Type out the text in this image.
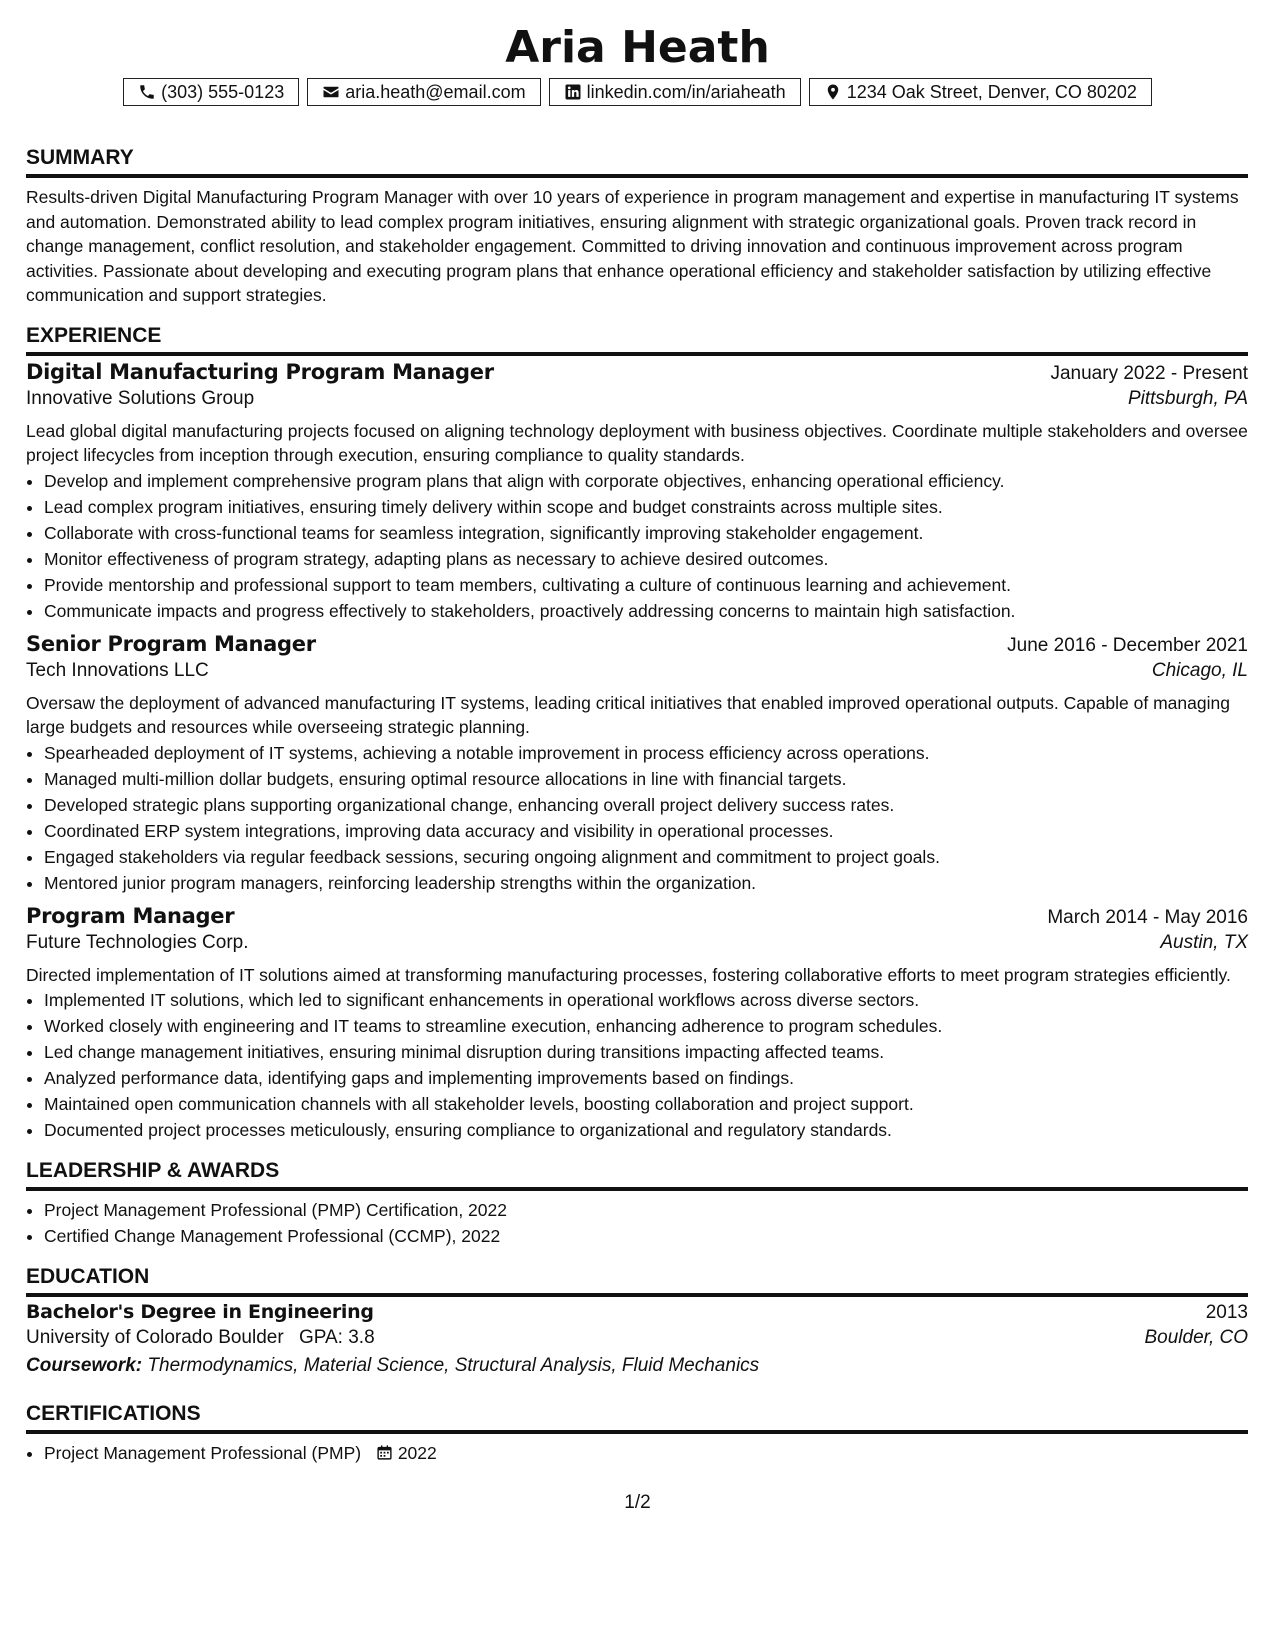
Aria Heath
(303) 555-0123	aria.heath@email.com	linkedin.com/in/ariaheath	1234 Oak Street, Denver, CO 80202
SUMMARY

Results-driven Digital Manufacturing Program Manager with over 10 years of experience in program management and expertise in manufacturing IT systems and automation. Demonstrated ability to lead complex program initiatives, ensuring alignment with strategic organizational goals. Proven track record in change management, conflict resolution, and stakeholder engagement. Committed to driving innovation and continuous improvement across program activities. Passionate about developing and executing program plans that enhance operational efficiency and stakeholder satisfaction by utilizing effective communication and support strategies.

EXPERIENCE
Digital Manufacturing Program Manager	January 2022 - Present
Innovative Solutions Group	Pittsburgh, PA

Lead global digital manufacturing projects focused on aligning technology deployment with business objectives. Coordinate multiple stakeholders and oversee project lifecycles from inception through execution, ensuring compliance to quality standards.

• Develop and implement comprehensive program plans that align with corporate objectives, enhancing operational efficiency.
• Lead complex program initiatives, ensuring timely delivery within scope and budget constraints across multiple sites.
• Collaborate with cross-functional teams for seamless integration, significantly improving stakeholder engagement.
• Monitor effectiveness of program strategy, adapting plans as necessary to achieve desired outcomes.
• Provide mentorship and professional support to team members, cultivating a culture of continuous learning and achievement.
• Communicate impacts and progress effectively to stakeholders, proactively addressing concerns to maintain high satisfaction.
Senior Program Manager	June 2016 - December 2021
Tech Innovations LLC	Chicago, IL

Oversaw the deployment of advanced manufacturing IT systems, leading critical initiatives that enabled improved operational outputs. Capable of managing large budgets and resources while overseeing strategic planning.

• Spearheaded deployment of IT systems, achieving a notable improvement in process efficiency across operations.
• Managed multi-million dollar budgets, ensuring optimal resource allocations in line with financial targets.
• Developed strategic plans supporting organizational change, enhancing overall project delivery success rates.
• Coordinated ERP system integrations, improving data accuracy and visibility in operational processes.
• Engaged stakeholders via regular feedback sessions, securing ongoing alignment and commitment to project goals.
• Mentored junior program managers, reinforcing leadership strengths within the organization.
Program Manager	March 2014 - May 2016
Future Technologies Corp.	Austin, TX

Directed implementation of IT solutions aimed at transforming manufacturing processes, fostering collaborative efforts to meet program strategies efficiently.

• Implemented IT solutions, which led to significant enhancements in operational workflows across diverse sectors.
• Worked closely with engineering and IT teams to streamline execution, enhancing adherence to program schedules.
• Led change management initiatives, ensuring minimal disruption during transitions impacting affected teams.
• Analyzed performance data, identifying gaps and implementing improvements based on findings.
• Maintained open communication channels with all stakeholder levels, boosting collaboration and project support.
• Documented project processes meticulously, ensuring compliance to organizational and regulatory standards.
LEADERSHIP & AWARDS
• Project Management Professional (PMP) Certification, 2022
• Certified Change Management Professional (CCMP), 2022
EDUCATION
Bachelor's Degree in Engineering	2013
University of Colorado Boulder GPA: 3.8	Boulder, CO
Coursework: Thermodynamics, Material Science, Structural Analysis, Fluid Mechanics
CERTIFICATIONS
• Project Management Professional (PMP) 2022
1/2
